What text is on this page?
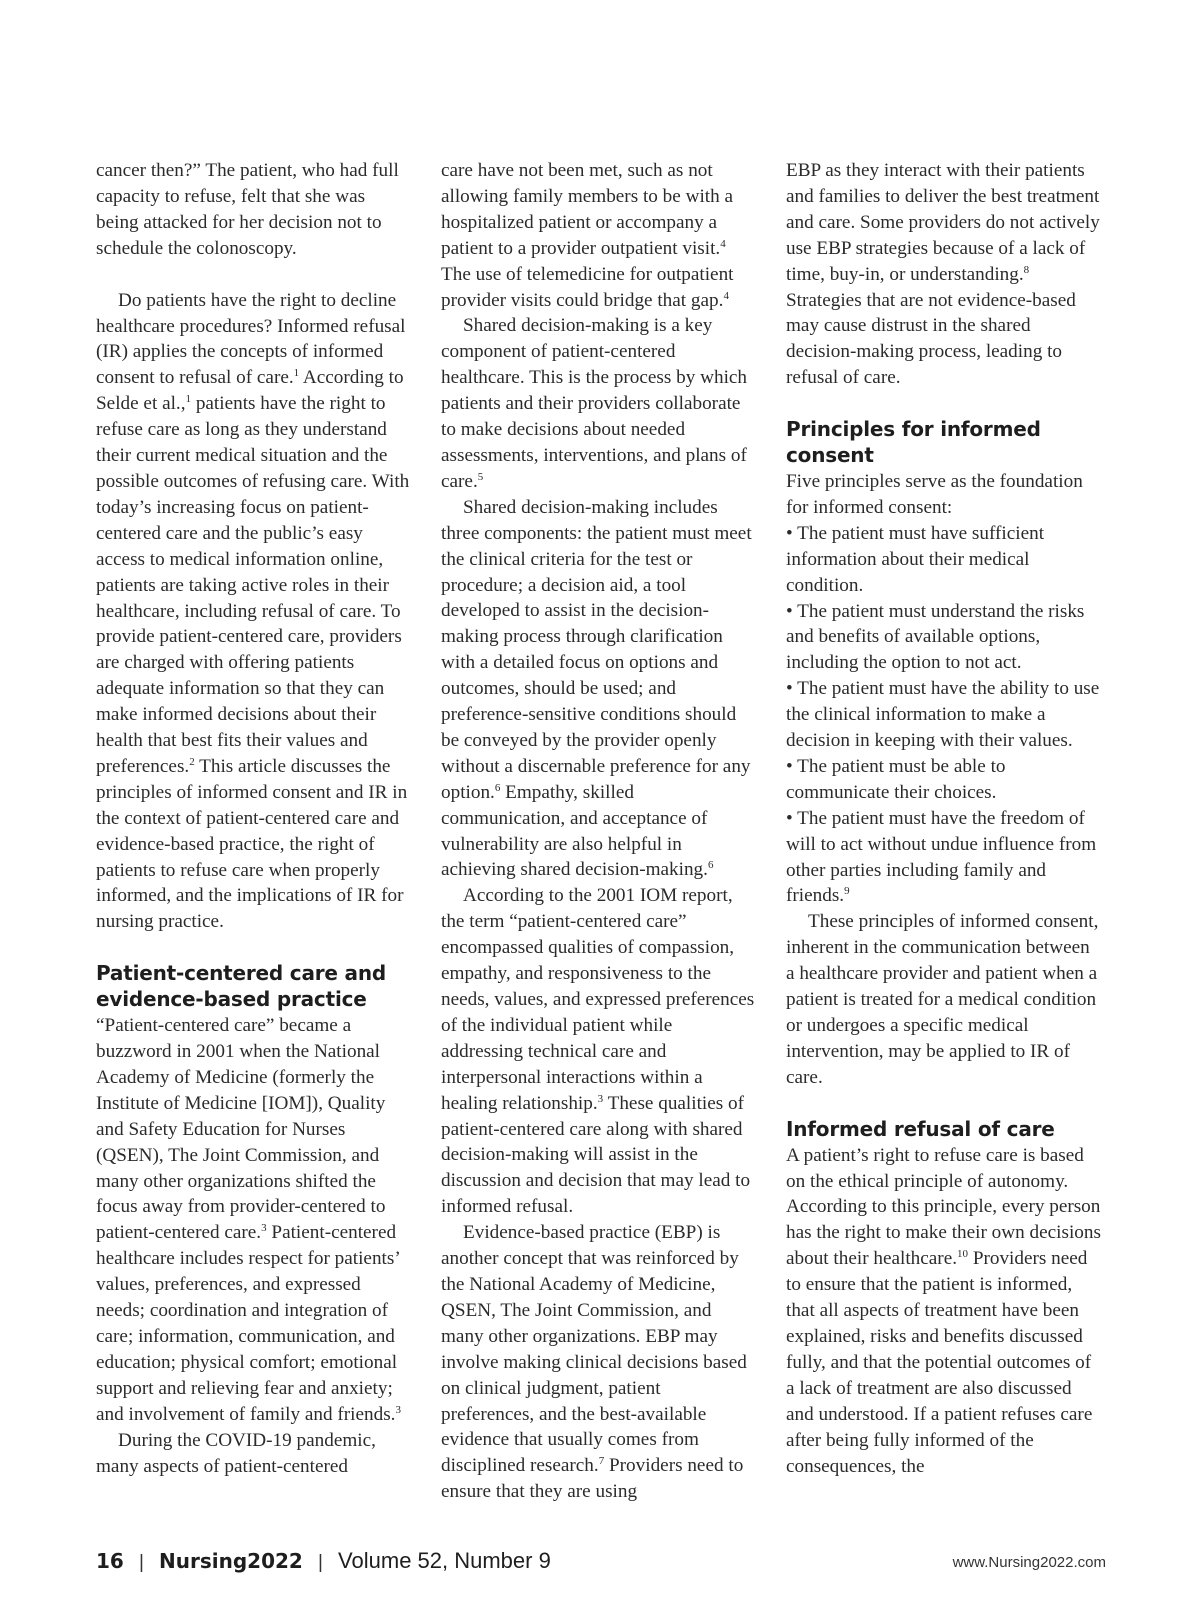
cancer then?” The patient, who had full capacity to refuse, felt that she was being attacked for her decision not to schedule the colonoscopy.

Do patients have the right to decline healthcare procedures? Informed refusal (IR) applies the concepts of informed consent to refusal of care.$^1$ According to Selde et al.,$^1$ patients have the right to refuse care as long as they understand their current medical situation and the possible outcomes of refusing care. With today’s increasing focus on patient-centered care and the public’s easy access to medical information online, patients are taking active roles in their healthcare, including refusal of care. To provide patient-centered care, providers are charged with offering patients adequate information so that they can make informed decisions about their health that best fits their values and preferences.$^2$ This article discusses the principles of informed consent and IR in the context of patient-centered care and evidence-based practice, the right of patients to refuse care when properly informed, and the implications of IR for nursing practice.

Patient-centered care and evidence-based practice

“Patient-centered care” became a buzzword in 2001 when the National Academy of Medicine (formerly the Institute of Medicine [IOM]), Quality and Safety Education for Nurses (QSEN), The Joint Commission, and many other organizations shifted the focus away from provider-centered to patient-centered care.$^3$ Patient-centered healthcare includes respect for patients’ values, preferences, and expressed needs; coordination and integration of care; information, communication, and education; physical comfort; emotional support and relieving fear and anxiety; and involvement of family and friends.$^3$

During the COVID-19 pandemic, many aspects of patient-centered

care have not been met, such as not allowing family members to be with a hospitalized patient or accompany a patient to a provider outpatient visit.$^4$ The use of telemedicine for outpatient provider visits could bridge that gap.$^4$

Shared decision-making is a key component of patient-centered healthcare. This is the process by which patients and their providers collaborate to make decisions about needed assessments, interventions, and plans of care.$^5$

Shared decision-making includes three components: the patient must meet the clinical criteria for the test or procedure; a decision aid, a tool developed to assist in the decision-making process through clarification with a detailed focus on options and outcomes, should be used; and preference-sensitive conditions should be conveyed by the provider openly without a discernable preference for any option.$^6$ Empathy, skilled communication, and acceptance of vulnerability are also helpful in achieving shared decision-making.$^6$

According to the 2001 IOM report, the term “patient-centered care” encompassed qualities of compassion, empathy, and responsiveness to the needs, values, and expressed preferences of the individual patient while addressing technical care and interpersonal interactions within a healing relationship.$^3$ These qualities of patient-centered care along with shared decision-making will assist in the discussion and decision that may lead to informed refusal.

Evidence-based practice (EBP) is another concept that was reinforced by the National Academy of Medicine, QSEN, The Joint Commission, and many other organizations. EBP may involve making clinical decisions based on clinical judgment, patient preferences, and the best-available evidence that usually comes from disciplined research.$^7$ Providers need to ensure that they are using

EBP as they interact with their patients and families to deliver the best treatment and care. Some providers do not actively use EBP strategies because of a lack of time, buy-in, or understanding.$^8$ Strategies that are not evidence-based may cause distrust in the shared decision-making process, leading to refusal of care.

Principles for informed consent

Five principles serve as the foundation for informed consent:

• The patient must have sufficient information about their medical condition.

• The patient must understand the risks and benefits of available options, including the option to not act.

• The patient must have the ability to use the clinical information to make a decision in keeping with their values.

• The patient must be able to communicate their choices.

• The patient must have the freedom of will to act without undue influence from other parties including family and friends.$^9$

These principles of informed consent, inherent in the communication between a healthcare provider and patient when a patient is treated for a medical condition or undergoes a specific medical intervention, may be applied to IR of care.

Informed refusal of care

A patient’s right to refuse care is based on the ethical principle of autonomy. According to this principle, every person has the right to make their own decisions about their healthcare.$^{10}$ Providers need to ensure that the patient is informed, that all aspects of treatment have been explained, risks and benefits discussed fully, and that the potential outcomes of a lack of treatment are also discussed and understood. If a patient refuses care after being fully informed of the consequences, the

16 | Nursing2022 | Volume 52, Number 9	www.Nursing2022.com
